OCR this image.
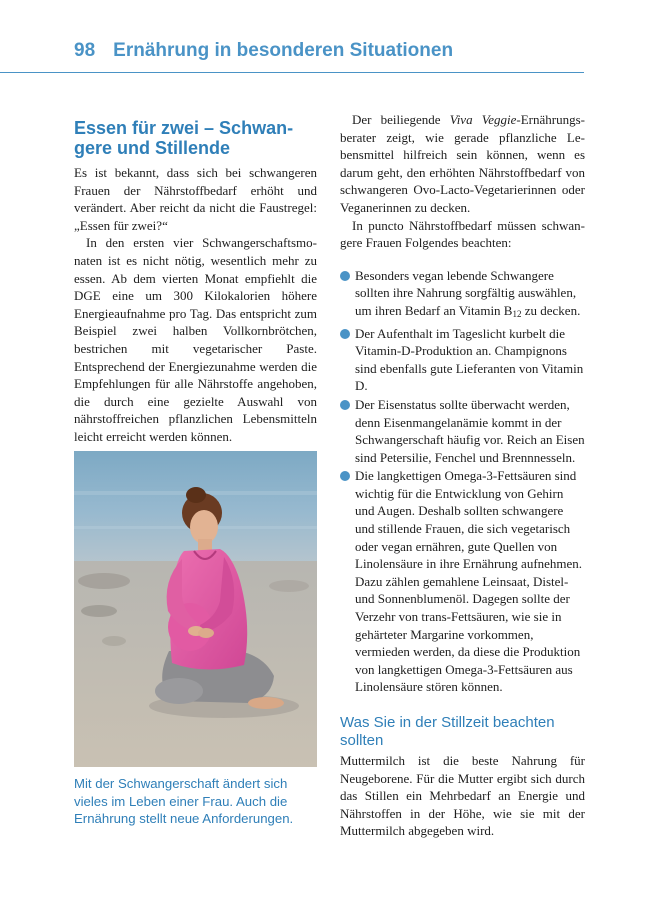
98 Ernährung in besonderen Situationen
Essen für zwei – Schwan-
gere und Stillende

Es ist bekannt, dass sich bei schwangeren Frauen der Nährstoffbedarf erhöht und verändert. Aber reicht da nicht die Faustregel: „Essen für zwei?“

In den ersten vier Schwangerschaftsmonaten ist es nicht nötig, wesentlich mehr zu essen. Ab dem vierten Monat empfiehlt die DGE eine um 300 Kilokalorien höhere Energieaufnahme pro Tag. Das entspricht zum Beispiel zwei halben Vollkornbrötchen, bestrichen mit vegetarischer Paste. Entsprechend der Energiezunahme werden die Empfehlungen für alle Nährstoffe angehoben, die durch eine gezielte Auswahl von nährstoffreichen pflanzlichen Lebensmitteln leicht erreicht werden können.

Mit der Schwangerschaft ändert sich vieles im Leben einer Frau. Auch die Ernährung stellt neue Anforderungen.

Der beiliegende Viva Veggie-Ernährungsberater zeigt, wie gerade pflanzliche Lebensmittel hilfreich sein können, wenn es darum geht, den erhöhten Nährstoffbedarf von schwangeren Ovo-Lacto-Vegetarierinnen oder Veganerinnen zu decken.

In puncto Nährstoffbedarf müssen schwangere Frauen Folgendes beachten:

Besonders vegan lebende Schwangere sollten ihre Nahrung sorgfältig auswählen, um ihren Bedarf an Vitamin $B_{12}$ zu decken.
Der Aufenthalt im Tageslicht kurbelt die Vitamin-D-Produktion an. Champignons sind ebenfalls gute Lieferanten von Vitamin D.
Der Eisenstatus sollte überwacht werden, denn Eisenmangelanämie kommt in der Schwangerschaft häufig vor. Reich an Eisen sind Petersilie, Fenchel und Brennnesseln.
Die langkettigen Omega-3-Fettsäuren sind wichtig für die Entwicklung von Gehirn und Augen. Deshalb sollten schwangere und stillende Frauen, die sich vegetarisch oder vegan ernähren, gute Quellen von Linolensäure in ihre Ernährung aufnehmen. Dazu zählen gemahlene Leinsaat, Distel- und Sonnenblumenöl. Dagegen sollte der Verzehr von trans-Fettsäuren, wie sie in gehärteter Margarine vorkommen, vermieden werden, da diese die Produktion von langkettigen Omega-3-Fettsäuren aus Linolensäure stören können.
Was Sie in der Stillzeit beachten sollten

Muttermilch ist die beste Nahrung für Neugeborene. Für die Mutter ergibt sich durch das Stillen ein Mehrbedarf an Energie und Nährstoffen in der Höhe, wie sie mit der Muttermilch abgegeben wird.
